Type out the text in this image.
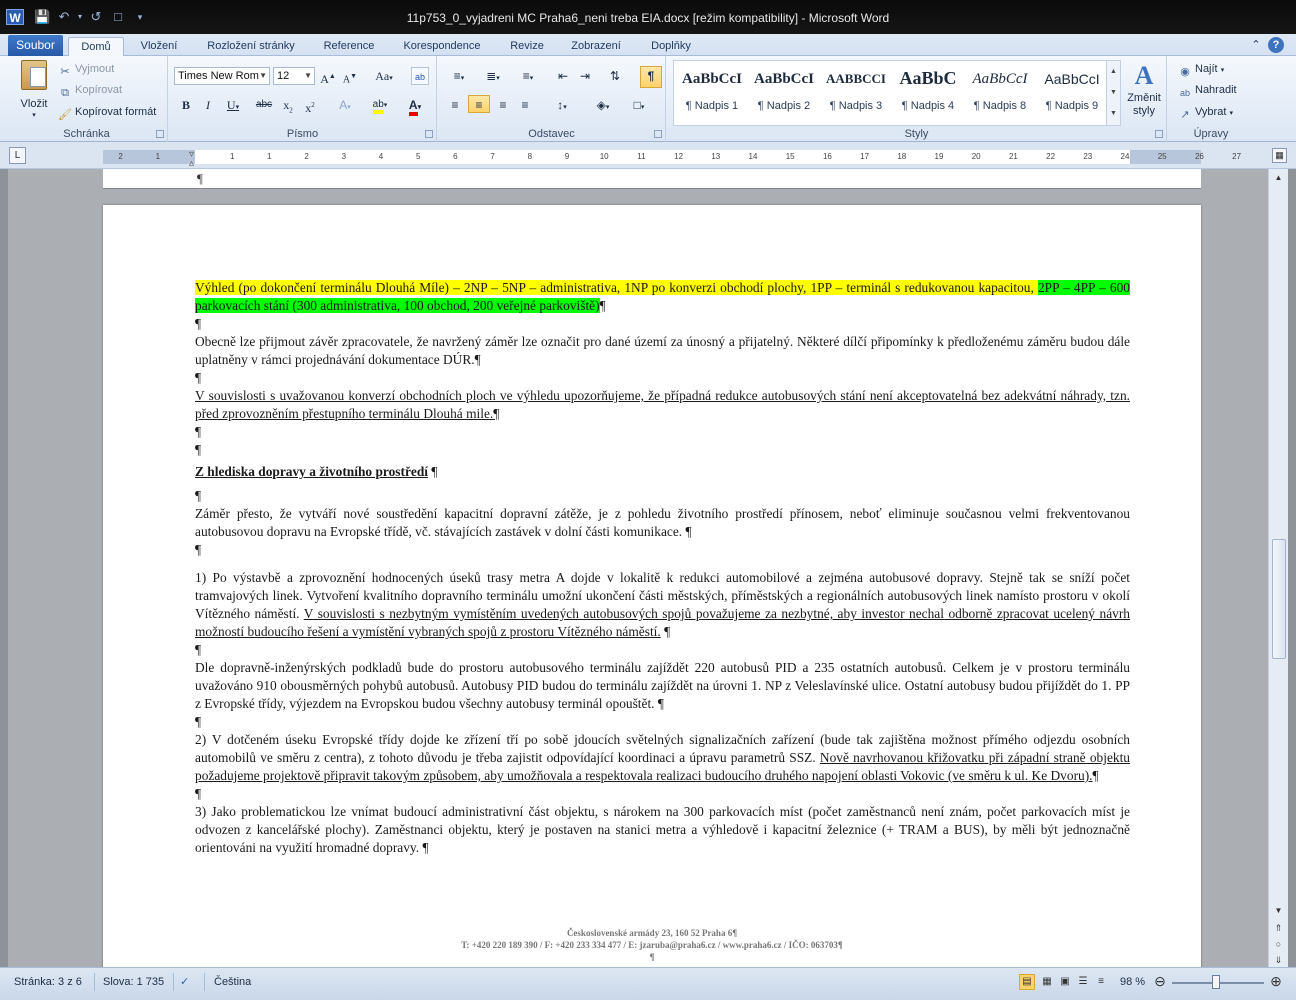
W 💾 ↶	▾ ↺ □	▾	11p753_0_vyjadreni MC Praha6_neni treba EIA.docx [režim kompatibility] - Microsoft Word
Soubor	Domů	Vložení	Rozložení stránky	Reference	Korespondence	Revize	Zobrazení	Doplňky	⌃	?
Vložit
▾
✂ Vyjmout
⧉ Kopírovat
🖌 Kopírovat formát
Schránka
Times New Rom ▼ 12 ▼ A▲ A▼	Aa▾	ab
B	I	U▾	abc $x_2$	$x^2$	A▾	ab▾	A▾
Písmo
≡▾	≣▾	≡▾	⇤ ⇥	⇅	¶
≡	≡	≡	≡	↕▾	◈▾	□▾
Odstavec	Styly
AaBbCcI
¶ Nadpis 1
AaBbCcI
¶ Nadpis 2
AABBCCI
¶ Nadpis 3
AaBbC
¶ Nadpis 4
AaBbCcI
¶ Nadpis 8
AaBbCcI
¶ Nadpis 9
▲
▼
▼
A
Změnit styly
◉ Najít ▾
ab Nahradit
↗ Vybrat ▾
Úpravy
L	▿
▵
2	1	1	1	2	3	4	5	6	7	8	9	10	11	12	13	14	15	16	17	18	19	20	21	22	23	24	25	26	27	▦
¶
Výhled (po dokončení terminálu Dlouhá Míle) – 2NP – 5NP – administrativa, 1NP po konverzi obchodí plochy, 1PP – terminál s redukovanou kapacitou, 2PP – 4PP – 600 parkovacích stání (300 administrativa, 100 obchod, 200 veřejné parkoviště)¶
¶
Obecně lze přijmout závěr zpracovatele, že navržený záměr lze označit pro dané území za únosný a přijatelný. Některé dílčí připomínky k předloženému záměru budou dále uplatněny v rámci projednávání dokumentace DÚR.¶
¶
V souvislosti s uvažovanou konverzí obchodních ploch ve výhledu upozorňujeme, že případná redukce autobusových stání není akceptovatelná bez adekvátní náhrady, tzn. před zprovozněním přestupního terminálu Dlouhá mile.¶
¶
¶
Z hlediska dopravy a životního prostředí ¶
¶
Záměr přesto, že vytváří nové soustředění kapacitní dopravní zátěže, je z pohledu životního prostředí přínosem, neboť eliminuje současnou velmi frekventovanou autobusovou dopravu na Evropské třídě, vč. stávajících zastávek v dolní části komunikace. ¶
¶
1) Po výstavbě a zprovoznění hodnocených úseků trasy metra A dojde v lokalitě k redukci automobilové a zejména autobusové dopravy. Stejně tak se sníží počet tramvajových linek. Vytvoření kvalitního dopravního terminálu umožní ukončení části městských, příměstských a regionálních autobusových linek namísto prostoru v okolí Vítězného náměstí. V souvislosti s nezbytným vymístěním uvedených autobusových spojů považujeme za nezbytné, aby investor nechal odborně zpracovat ucelený návrh možností budoucího řešení a vymístění vybraných spojů z prostoru Vítězného náměstí. ¶
¶
Dle dopravně-inženýrských podkladů bude do prostoru autobusového terminálu zajíždět 220 autobusů PID a 235 ostatních autobusů. Celkem je v prostoru terminálu uvažováno 910 obousměrných pohybů autobusů. Autobusy PID budou do terminálu zajíždět na úrovni 1. NP z Veleslavínské ulice. Ostatní autobusy budou přijíždět do 1. PP z Evropské třídy, výjezdem na Evropskou budou všechny autobusy terminál opouštět. ¶
¶
2) V dotčeném úseku Evropské třídy dojde ke zřízení tří po sobě jdoucích světelných signalizačních zařízení (bude tak zajištěna možnost přímého odjezdu osobních automobilů ve směru z centra), z tohoto důvodu je třeba zajistit odpovídající koordinaci a úpravu parametrů SSZ. Nově navrhovanou křižovatku při západní straně objektu požadujeme projektově připravit takovým způsobem, aby umožňovala a respektovala realizaci budoucího druhého napojení oblasti Vokovic (ve směru k ul. Ke Dvoru).¶
¶
3) Jako problematickou lze vnímat budoucí administrativní část objektu, s nárokem na 300 parkovacích míst (počet zaměstnanců není znám, počet parkovacích míst je odvozen z kancelářské plochy). Zaměstnanci objektu, který je postaven na stanici metra a výhledově i kapacitní železnice (+ TRAM a BUS), by měli být jednoznačně orientováni na využití hromadné dopravy. ¶
Československé armády 23, 160 52 Praha 6¶
T: +420 220 189 390 / F: +420 233 334 477 / E: jzaruba@praha6.cz / www.praha6.cz / IČO: 063703¶
¶
▲
▼
⇑
○
⇓
Stránka: 3 z 6 Slova: 1 735 ✓ Čeština	▤	▦ ▣ ☰	≡	98 % ⊖	⊕
